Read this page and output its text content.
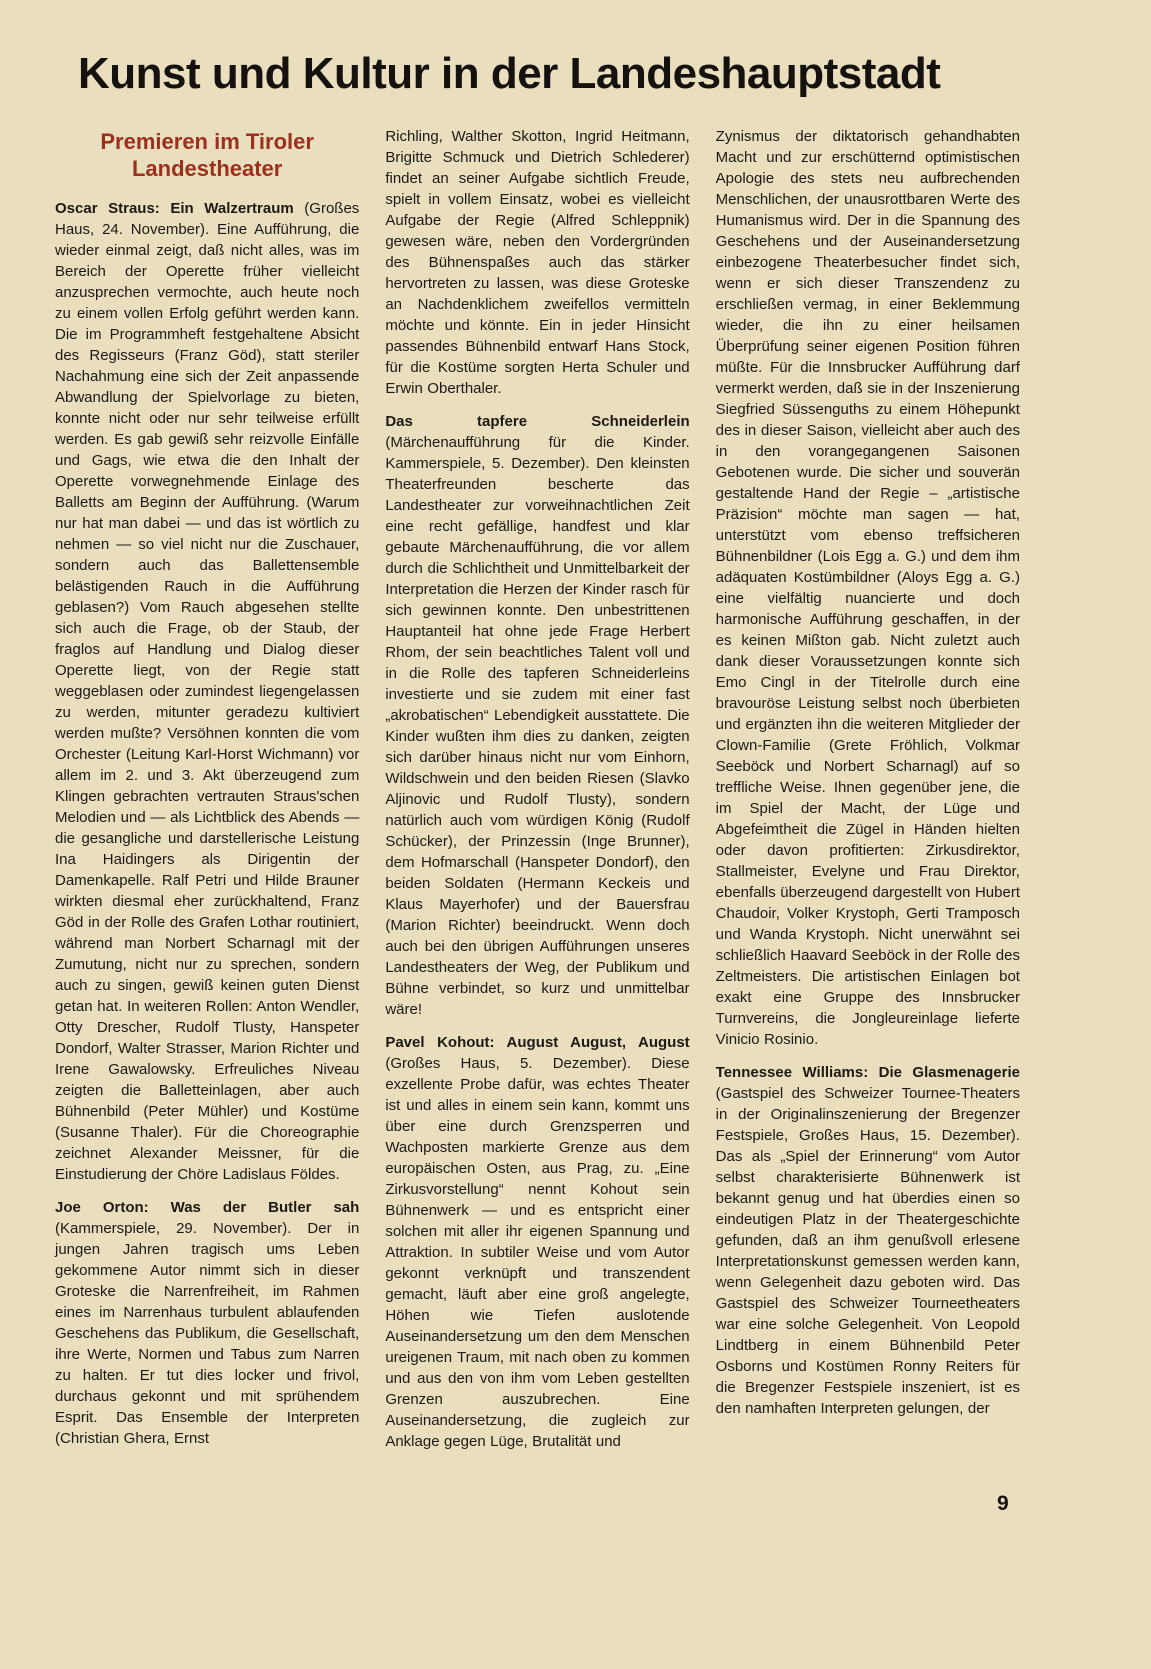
Kunst und Kultur in der Landeshauptstadt
Premieren im Tiroler Landestheater

Oscar Straus: Ein Walzertraum (Großes Haus, 24. November). Eine Aufführung, die wieder einmal zeigt, daß nicht alles, was im Bereich der Operette früher vielleicht anzusprechen vermochte, auch heute noch zu einem vollen Erfolg geführt werden kann. Die im Programmheft festgehaltene Absicht des Regisseurs (Franz Göd), statt steriler Nachahmung eine sich der Zeit anpassende Abwandlung der Spielvorlage zu bieten, konnte nicht oder nur sehr teilweise erfüllt werden. Es gab gewiß sehr reizvolle Einfälle und Gags, wie etwa die den Inhalt der Operette vorwegnehmende Einlage des Balletts am Beginn der Aufführung. (Warum nur hat man dabei — und das ist wörtlich zu nehmen — so viel nicht nur die Zuschauer, sondern auch das Ballettensemble belästigenden Rauch in die Aufführung geblasen?) Vom Rauch abgesehen stellte sich auch die Frage, ob der Staub, der fraglos auf Handlung und Dialog dieser Operette liegt, von der Regie statt weggeblasen oder zumindest liegengelassen zu werden, mitunter geradezu kultiviert werden mußte? Versöhnen konnten die vom Orchester (Leitung Karl-Horst Wichmann) vor allem im 2. und 3. Akt überzeugend zum Klingen gebrachten vertrauten Straus'schen Melodien und — als Lichtblick des Abends — die gesangliche und darstellerische Leistung Ina Haidingers als Dirigentin der Damenkapelle. Ralf Petri und Hilde Brauner wirkten diesmal eher zurückhaltend, Franz Göd in der Rolle des Grafen Lothar routiniert, während man Norbert Scharnagl mit der Zumutung, nicht nur zu sprechen, sondern auch zu singen, gewiß keinen guten Dienst getan hat. In weiteren Rollen: Anton Wendler, Otty Drescher, Rudolf Tlusty, Hanspeter Dondorf, Walter Strasser, Marion Richter und Irene Gawalowsky. Erfreuliches Niveau zeigten die Balletteinlagen, aber auch Bühnenbild (Peter Mühler) und Kostüme (Susanne Thaler). Für die Choreographie zeichnet Alexander Meissner, für die Einstudierung der Chöre Ladislaus Földes.

Joe Orton: Was der Butler sah (Kammerspiele, 29. November). Der in jungen Jahren tragisch ums Leben gekommene Autor nimmt sich in dieser Groteske die Narrenfreiheit, im Rahmen eines im Narrenhaus turbulent ablaufenden Geschehens das Publikum, die Gesellschaft, ihre Werte, Normen und Tabus zum Narren zu halten. Er tut dies locker und frivol, durchaus gekonnt und mit sprühendem Esprit. Das Ensemble der Interpreten (Christian Ghera, Ernst

Richling, Walther Skotton, Ingrid Heitmann, Brigitte Schmuck und Dietrich Schlederer) findet an seiner Aufgabe sichtlich Freude, spielt in vollem Einsatz, wobei es vielleicht Aufgabe der Regie (Alfred Schleppnik) gewesen wäre, neben den Vordergründen des Bühnenspaßes auch das stärker hervortreten zu lassen, was diese Groteske an Nachdenklichem zweifellos vermitteln möchte und könnte. Ein in jeder Hinsicht passendes Bühnenbild entwarf Hans Stock, für die Kostüme sorgten Herta Schuler und Erwin Oberthaler.

Das tapfere Schneiderlein (Märchenaufführung für die Kinder. Kammerspiele, 5. Dezember). Den kleinsten Theaterfreunden bescherte das Landestheater zur vorweihnachtlichen Zeit eine recht gefällige, handfest und klar gebaute Märchenaufführung, die vor allem durch die Schlichtheit und Unmittelbarkeit der Interpretation die Herzen der Kinder rasch für sich gewinnen konnte. Den unbestrittenen Hauptanteil hat ohne jede Frage Herbert Rhom, der sein beachtliches Talent voll und in die Rolle des tapferen Schneiderleins investierte und sie zudem mit einer fast „akrobatischen“ Lebendigkeit ausstattete. Die Kinder wußten ihm dies zu danken, zeigten sich darüber hinaus nicht nur vom Einhorn, Wildschwein und den beiden Riesen (Slavko Aljinovic und Rudolf Tlusty), sondern natürlich auch vom würdigen König (Rudolf Schücker), der Prinzessin (Inge Brunner), dem Hofmarschall (Hanspeter Dondorf), den beiden Soldaten (Hermann Keckeis und Klaus Mayerhofer) und der Bauersfrau (Marion Richter) beeindruckt. Wenn doch auch bei den übrigen Aufführungen unseres Landestheaters der Weg, der Publikum und Bühne verbindet, so kurz und unmittelbar wäre!

Pavel Kohout: August August, August (Großes Haus, 5. Dezember). Diese exzellente Probe dafür, was echtes Theater ist und alles in einem sein kann, kommt uns über eine durch Grenzsperren und Wachposten markierte Grenze aus dem europäischen Osten, aus Prag, zu. „Eine Zirkusvorstellung“ nennt Kohout sein Bühnenwerk — und es entspricht einer solchen mit aller ihr eigenen Spannung und Attraktion. In subtiler Weise und vom Autor gekonnt verknüpft und transzendent gemacht, läuft aber eine groß angelegte, Höhen wie Tiefen auslotende Auseinandersetzung um den dem Menschen ureigenen Traum, mit nach oben zu kommen und aus den von ihm vom Leben gestellten Grenzen auszubrechen. Eine Auseinandersetzung, die zugleich zur Anklage gegen Lüge, Brutalität und

Zynismus der diktatorisch gehandhabten Macht und zur erschütternd optimistischen Apologie des stets neu aufbrechenden Menschlichen, der unausrottbaren Werte des Humanismus wird. Der in die Spannung des Geschehens und der Auseinandersetzung einbezogene Theaterbesucher findet sich, wenn er sich dieser Transzendenz zu erschließen vermag, in einer Beklemmung wieder, die ihn zu einer heilsamen Überprüfung seiner eigenen Position führen müßte. Für die Innsbrucker Aufführung darf vermerkt werden, daß sie in der Inszenierung Siegfried Süssenguths zu einem Höhepunkt des in dieser Saison, vielleicht aber auch des in den vorangegangenen Saisonen Gebotenen wurde. Die sicher und souverän gestaltende Hand der Regie – „artistische Präzision“ möchte man sagen — hat, unterstützt vom ebenso treffsicheren Bühnenbildner (Lois Egg a. G.) und dem ihm adäquaten Kostümbildner (Aloys Egg a. G.) eine vielfältig nuancierte und doch harmonische Aufführung geschaffen, in der es keinen Mißton gab. Nicht zuletzt auch dank dieser Voraussetzungen konnte sich Emo Cingl in der Titelrolle durch eine bravouröse Leistung selbst noch überbieten und ergänzten ihn die weiteren Mitglieder der Clown-Familie (Grete Fröhlich, Volkmar Seeböck und Norbert Scharnagl) auf so treffliche Weise. Ihnen gegenüber jene, die im Spiel der Macht, der Lüge und Abgefeimtheit die Zügel in Händen hielten oder davon profitierten: Zirkusdirektor, Stallmeister, Evelyne und Frau Direktor, ebenfalls überzeugend dargestellt von Hubert Chaudoir, Volker Krystoph, Gerti Tramposch und Wanda Krystoph. Nicht unerwähnt sei schließlich Haavard Seeböck in der Rolle des Zeltmeisters. Die artistischen Einlagen bot exakt eine Gruppe des Innsbrucker Turnvereins, die Jongleureinlage lieferte Vinicio Rosinio.

Tennessee Williams: Die Glasmenagerie (Gastspiel des Schweizer Tournee-Theaters in der Originalinszenierung der Bregenzer Festspiele, Großes Haus, 15. Dezember). Das als „Spiel der Erinnerung“ vom Autor selbst charakterisierte Bühnenwerk ist bekannt genug und hat überdies einen so eindeutigen Platz in der Theatergeschichte gefunden, daß an ihm genußvoll erlesene Interpretationskunst gemessen werden kann, wenn Gelegenheit dazu geboten wird. Das Gastspiel des Schweizer Tourneetheaters war eine solche Gelegenheit. Von Leopold Lindtberg in einem Bühnenbild Peter Osborns und Kostümen Ronny Reiters für die Bregenzer Festspiele inszeniert, ist es den namhaften Interpreten gelungen, der

9
